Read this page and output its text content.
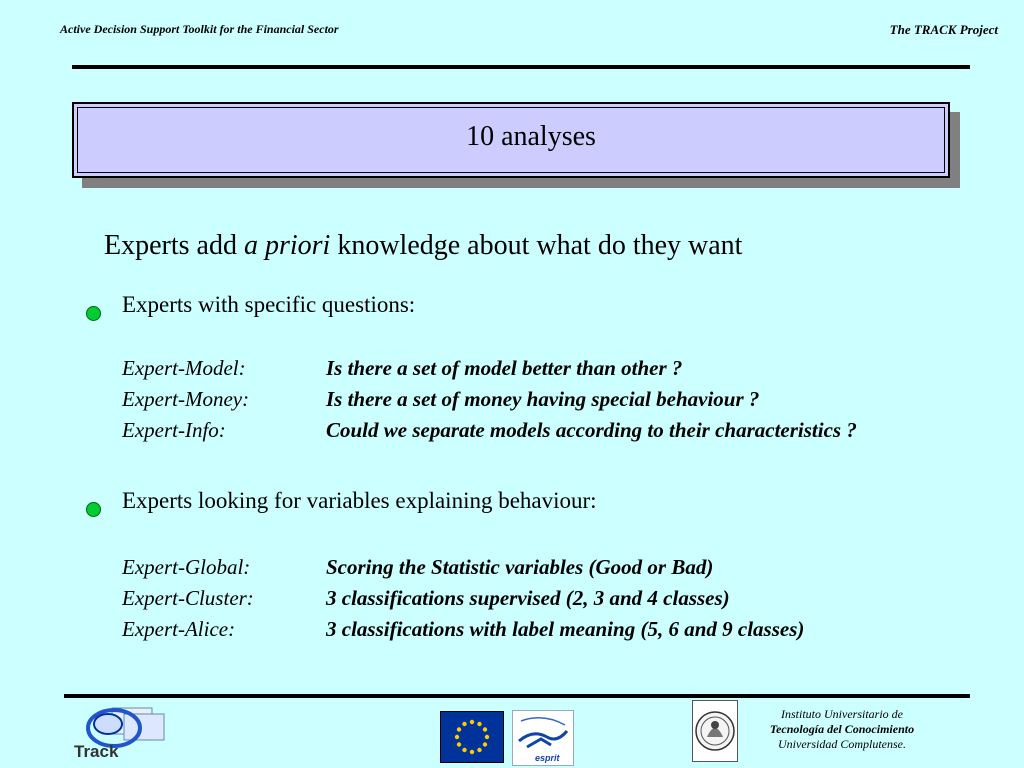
Active Decision Support Toolkit for the Financial Sector	The TRACK Project
10 analyses
Experts add a priori knowledge about what do they want
Experts with specific questions:
Expert-Model:	Is there a set of model better than other ?
Expert-Money:	Is there a set of money having special behaviour ?
Expert-Info:	Could we separate models according to their characteristics ?
Experts looking for variables explaining behaviour:
Expert-Global:	Scoring the Statistic variables (Good or Bad)
Expert-Cluster:	3 classifications supervised (2, 3 and 4 classes)
Expert-Alice:	3 classifications with label meaning (5, 6 and 9 classes)
Track	esprit
Instituto Universitario de
Tecnología del Conocimiento
Universidad Complutense.
